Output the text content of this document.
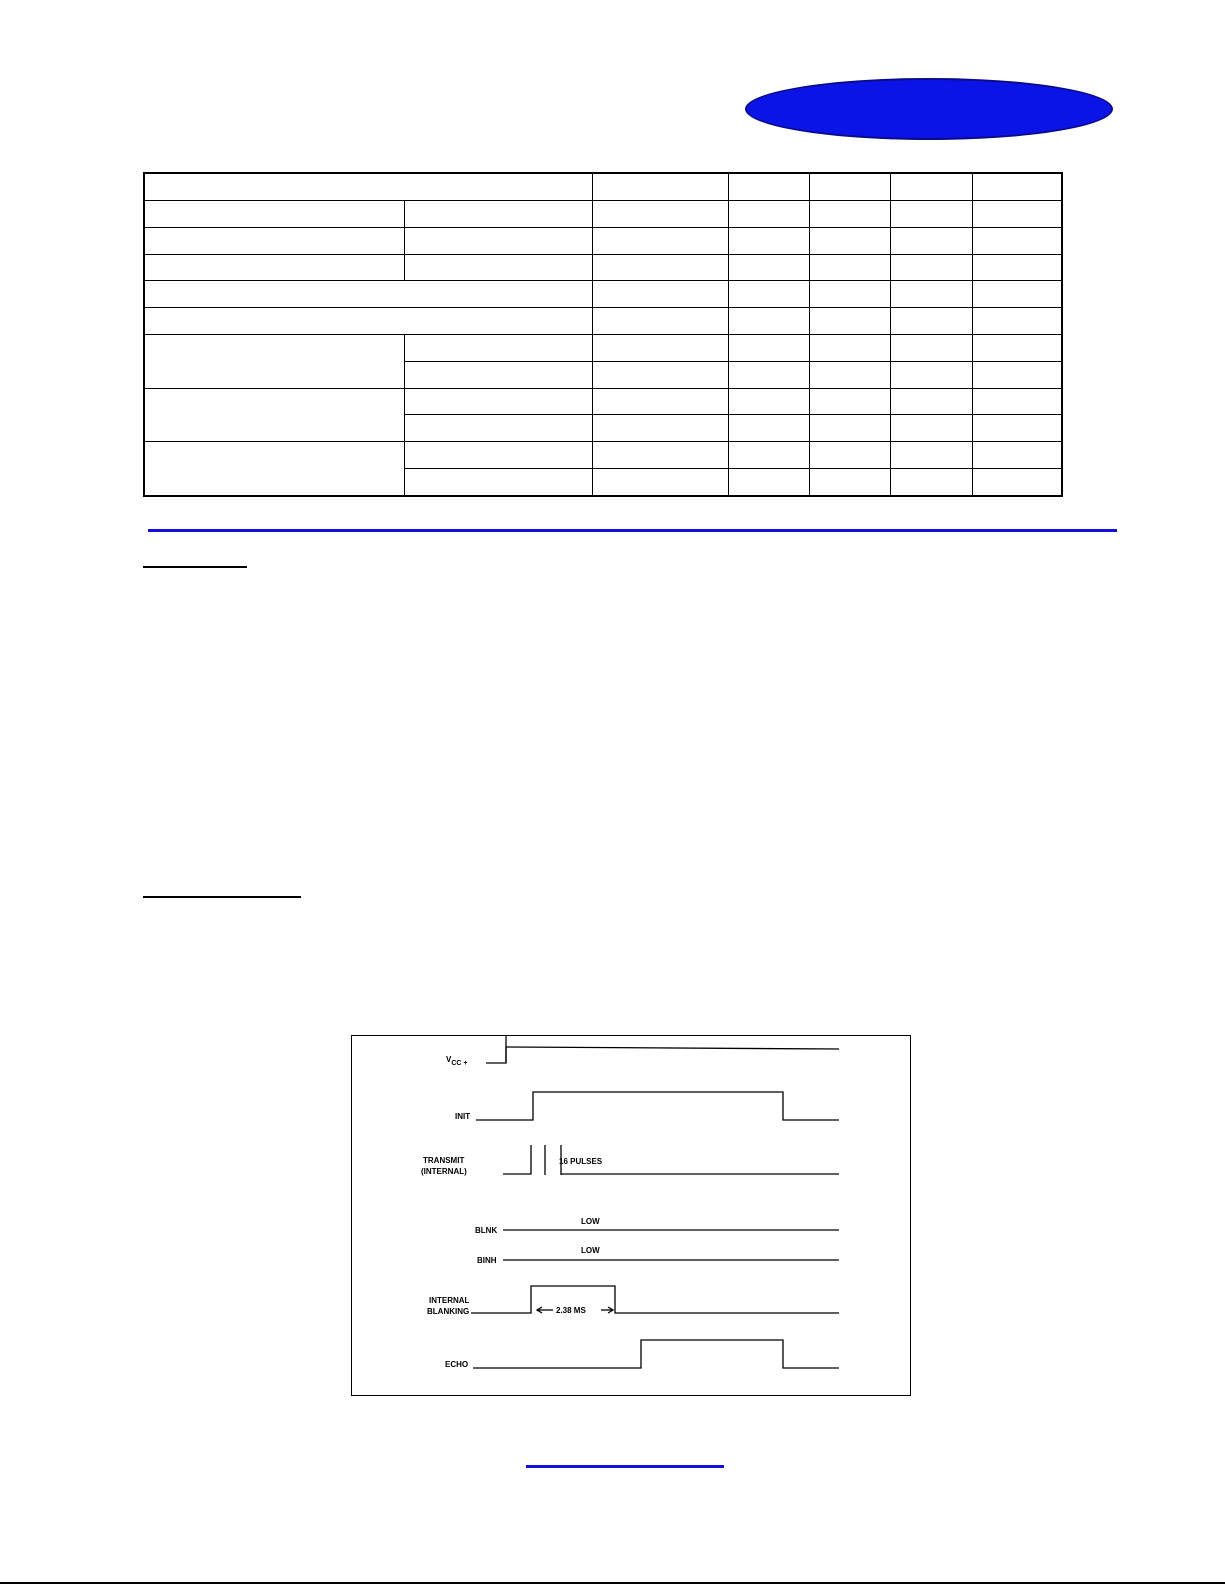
VCC +
INIT
TRANSMIT
(INTERNAL)
16 PULSES
BLNK
LOW
BINH
LOW
INTERNAL
BLANKING	2.38 MS
ECHO
